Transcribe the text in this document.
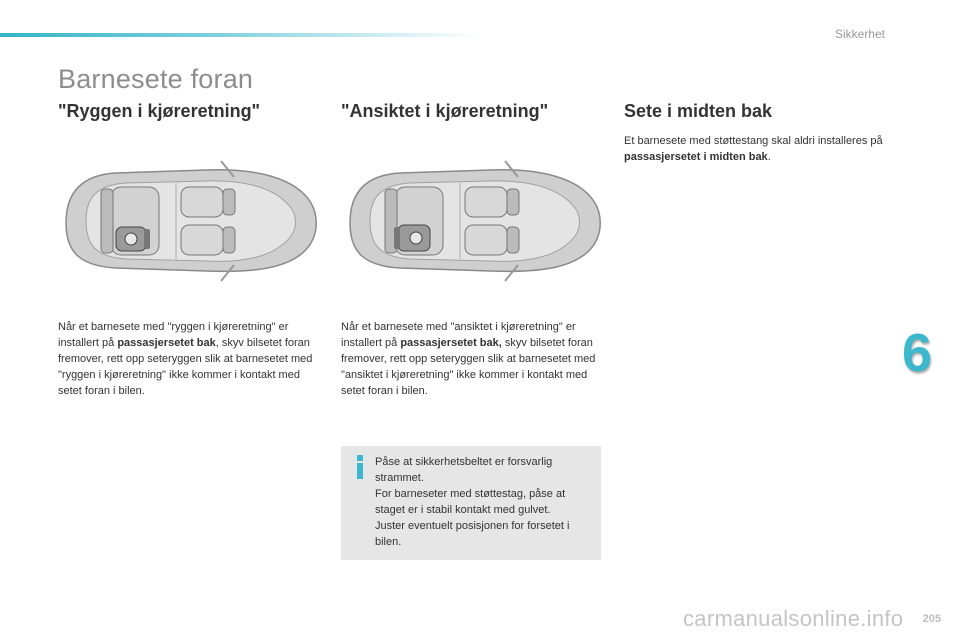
Sikkerhet
Barnesete foran
"Ryggen i kjøreretning"	"Ansiktet i kjøreretning"	Sete i midten bak

Når et barnesete med "ryggen i kjøreretning" er installert på passasjersetet bak, skyv bilsetet foran fremover, rett opp seteryggen slik at barnesetet med "ryggen i kjøreretning" ikke kommer i kontakt med setet foran i bilen.

Når et barnesete med "ansiktet i kjøreretning" er installert på passasjersetet bak, skyv bilsetet foran fremover, rett opp seteryggen slik at barnesetet med "ansiktet i kjøreretning" ikke kommer i kontakt med setet foran i bilen.

Et barnesete med støttestang skal aldri installeres på passasjersetet i midten bak.

Påse at sikkerhetsbeltet er forsvarlig strammet.
For barneseter med støttestag, påse at staget er i stabil kontakt med gulvet.
Juster eventuelt posisjonen for forsetet i bilen.
6
205
carmanualsonline.info
